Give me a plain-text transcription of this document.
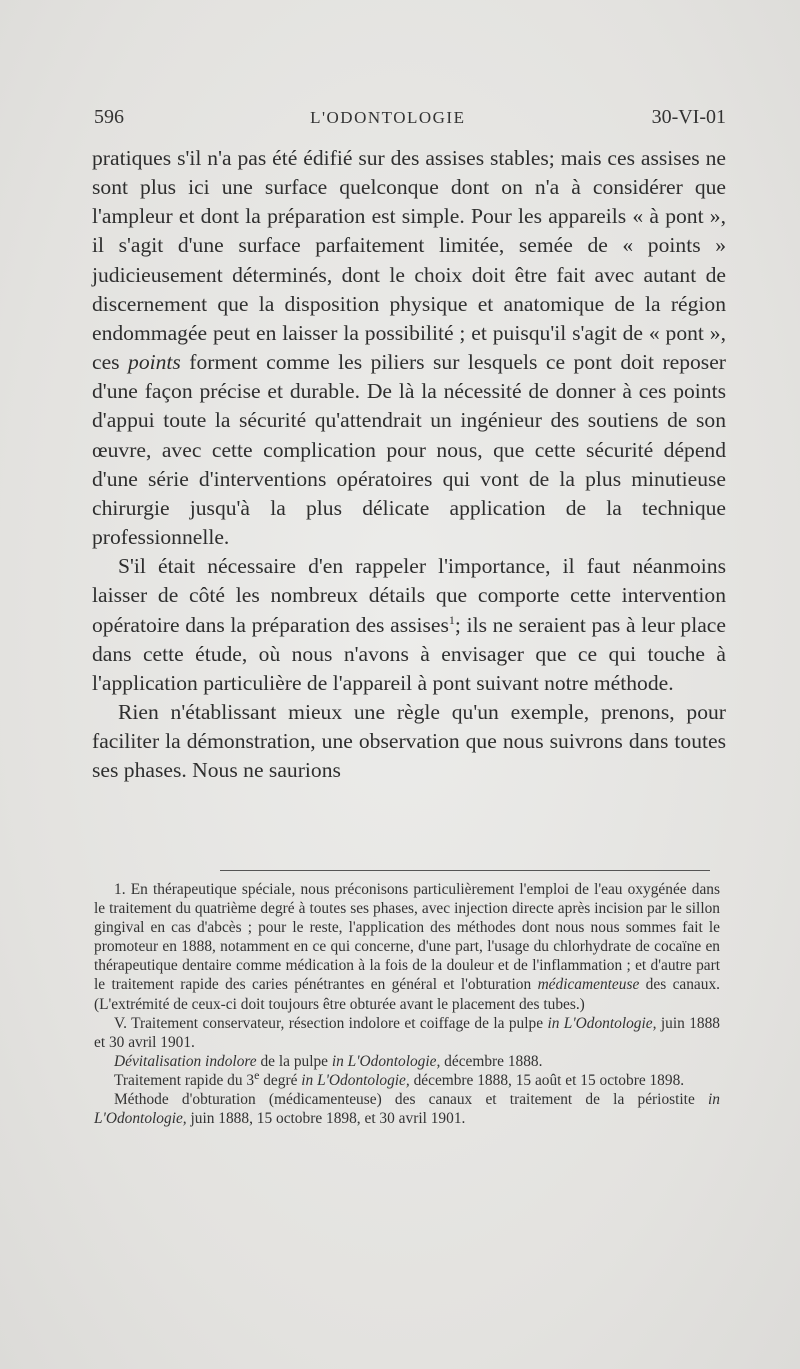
596	L'ODONTOLOGIE	30-VI-01

pratiques s'il n'a pas été édifié sur des assises stables; mais ces assises ne sont plus ici une surface quelconque dont on n'a à considérer que l'ampleur et dont la préparation est simple. Pour les appareils « à pont », il s'agit d'une surface parfaitement limitée, semée de « points » judicieusement déterminés, dont le choix doit être fait avec autant de discernement que la disposition physique et anatomique de la région endommagée peut en laisser la possibilité ; et puisqu'il s'agit de « pont », ces points forment comme les piliers sur lesquels ce pont doit reposer d'une façon précise et durable. De là la nécessité de donner à ces points d'appui toute la sécurité qu'attendrait un ingénieur des soutiens de son œuvre, avec cette complication pour nous, que cette sécurité dépend d'une série d'interventions opératoires qui vont de la plus minutieuse chirurgie jusqu'à la plus délicate application de la technique professionnelle.

S'il était nécessaire d'en rappeler l'importance, il faut néanmoins laisser de côté les nombreux détails que comporte cette intervention opératoire dans la préparation des assises$^1$; ils ne seraient pas à leur place dans cette étude, où nous n'avons à envisager que ce qui touche à l'application particulière de l'appareil à pont suivant notre méthode.

Rien n'établissant mieux une règle qu'un exemple, prenons, pour faciliter la démonstration, une observation que nous suivrons dans toutes ses phases. Nous ne saurions

1. En thérapeutique spéciale, nous préconisons particulièrement l'emploi de l'eau oxygénée dans le traitement du quatrième degré à toutes ses phases, avec injection directe après incision par le sillon gingival en cas d'abcès ; pour le reste, l'application des méthodes dont nous nous sommes fait le promoteur en 1888, notamment en ce qui concerne, d'une part, l'usage du chlorhydrate de cocaïne en thérapeutique dentaire comme médication à la fois de la douleur et de l'inflammation ; et d'autre part le traitement rapide des caries pénétrantes en général et l'obturation médicamenteuse des canaux. (L'extrémité de ceux-ci doit toujours être obturée avant le placement des tubes.)

V. Traitement conservateur, résection indolore et coiffage de la pulpe in L'Odontologie, juin 1888 et 30 avril 1901.

Dévitalisation indolore de la pulpe in L'Odontologie, décembre 1888.

Traitement rapide du 3e degré in L'Odontologie, décembre 1888, 15 août et 15 octobre 1898.

Méthode d'obturation (médicamenteuse) des canaux et traitement de la périostite in L'Odontologie, juin 1888, 15 octobre 1898, et 30 avril 1901.
